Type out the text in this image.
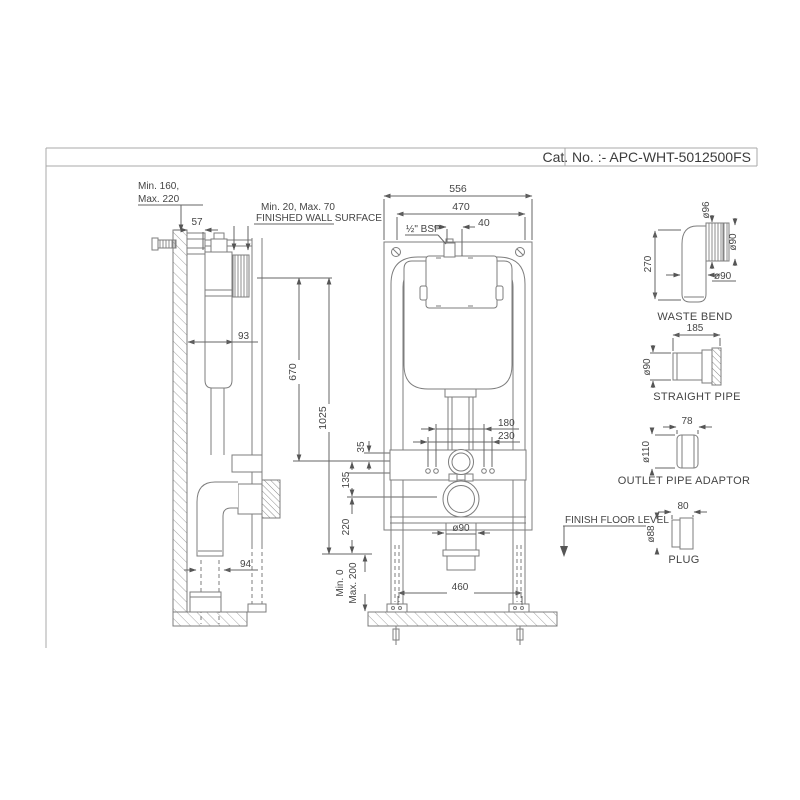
Cat. No. :- APC-WHT-5012500FS
Min. 160,
Max. 220
57
Min. 20, Max. 70
FINISHED WALL SURFACE
93
94
670
1025
35
135
220
Min. 0 Max. 200
556
470
40
½" BSP
180
230
ø90
460
FINISH FLOOR LEVEL
270
ø96
ø90
ø90
WASTE BEND
185
ø90
STRAIGHT PIPE
78
ø110
OUTLET PIPE ADAPTOR
80
ø88
PLUG
